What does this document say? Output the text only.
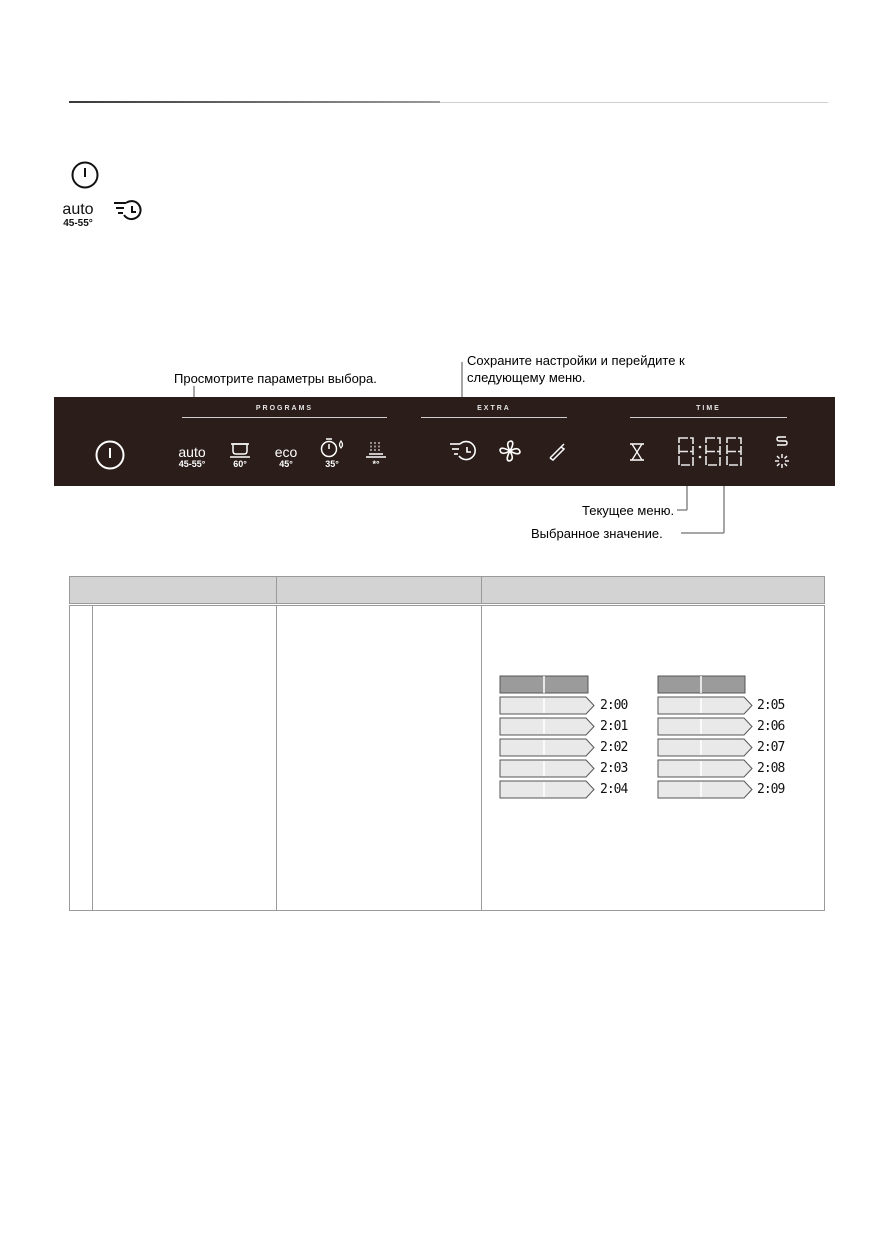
auto
45-55°
Просмотрите параметры выбора.
Сохраните настройки и перейдите к
следующему меню.
PROGRAMS	EXTRA	TIME
auto
45-55°	60°
eco
45°	35°	*°
Текущее меню.
Выбранное значение.
2:00
2:01
2:02
2:03
2:04
2:05
2:06
2:07
2:08
2:09
